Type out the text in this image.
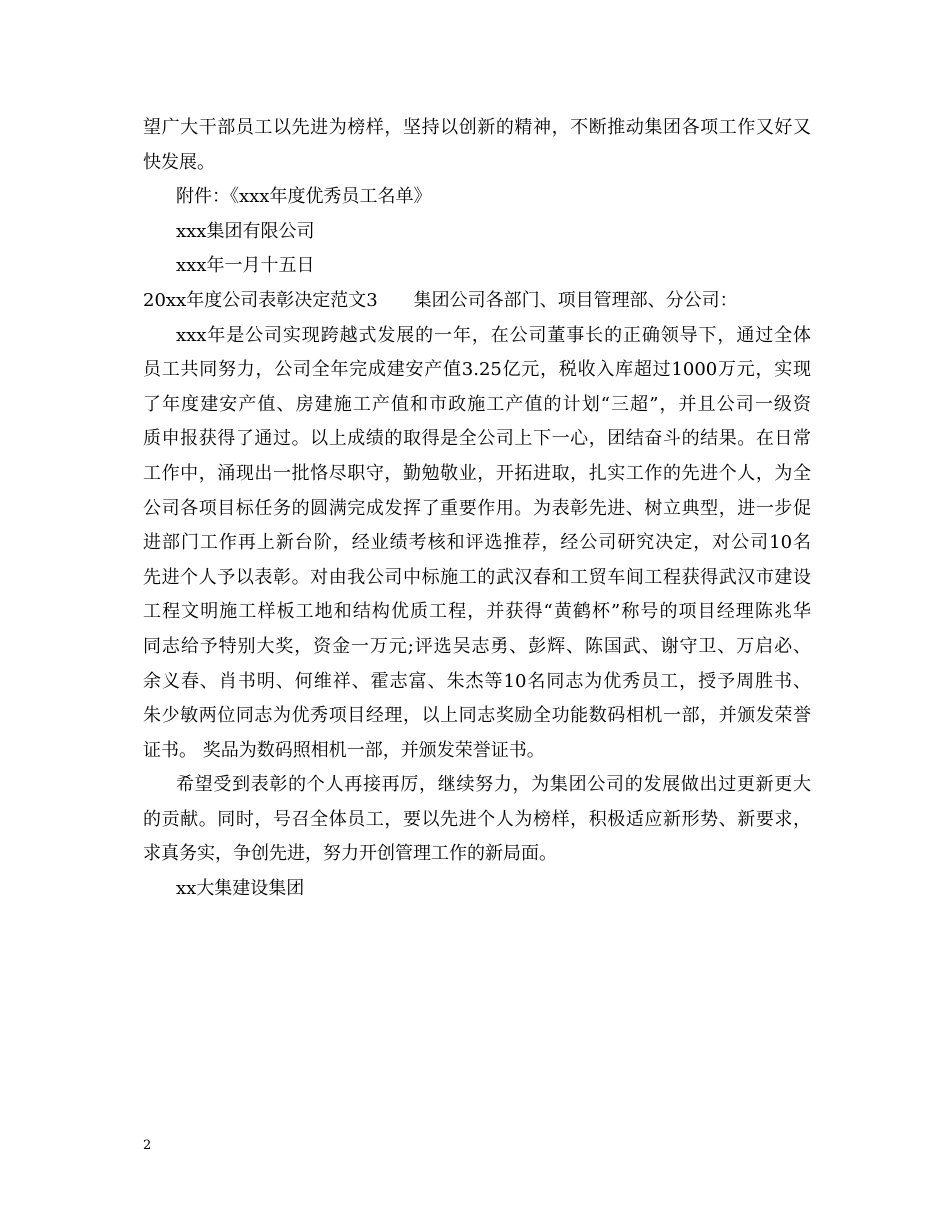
望广大干部员工以先进为榜样，坚持以创新的精神，不断推动集团各项工作又好又
快发展。
附件：《xxx年度优秀员工名单》
xxx集团有限公司
xxx年一月十五日
20xx年度公司表彰决定范文3　　集团公司各部门、项目管理部、分公司：
xxx年是公司实现跨越式发展的一年，在公司董事长的正确领导下，通过全体
员工共同努力，公司全年完成建安产值3.25亿元，税收入库超过1000万元，实现
了年度建安产值、房建施工产值和市政施工产值的计划“三超”，并且公司一级资
质申报获得了通过。以上成绩的取得是全公司上下一心，团结奋斗的结果。在日常
工作中，涌现出一批恪尽职守，勤勉敬业，开拓进取，扎实工作的先进个人，为全
公司各项目标任务的圆满完成发挥了重要作用。为表彰先进、树立典型，进一步促
进部门工作再上新台阶，经业绩考核和评选推荐，经公司研究决定，对公司10名
先进个人予以表彰。对由我公司中标施工的武汉春和工贸车间工程获得武汉市建设
工程文明施工样板工地和结构优质工程，并获得“黄鹤杯”称号的项目经理陈兆华
同志给予特别大奖，资金一万元;评选吴志勇、彭辉、陈国武、谢守卫、万启必、
余义春、肖书明、何维祥、霍志富、朱杰等10名同志为优秀员工，授予周胜书、
朱少敏两位同志为优秀项目经理，以上同志奖励全功能数码相机一部，并颁发荣誉
证书。 奖品为数码照相机一部，并颁发荣誉证书。
希望受到表彰的个人再接再厉，继续努力，为集团公司的发展做出过更新更大
的贡献。同时，号召全体员工，要以先进个人为榜样，积极适应新形势、新要求，
求真务实，争创先进，努力开创管理工作的新局面。
xx大集建设集团
2
